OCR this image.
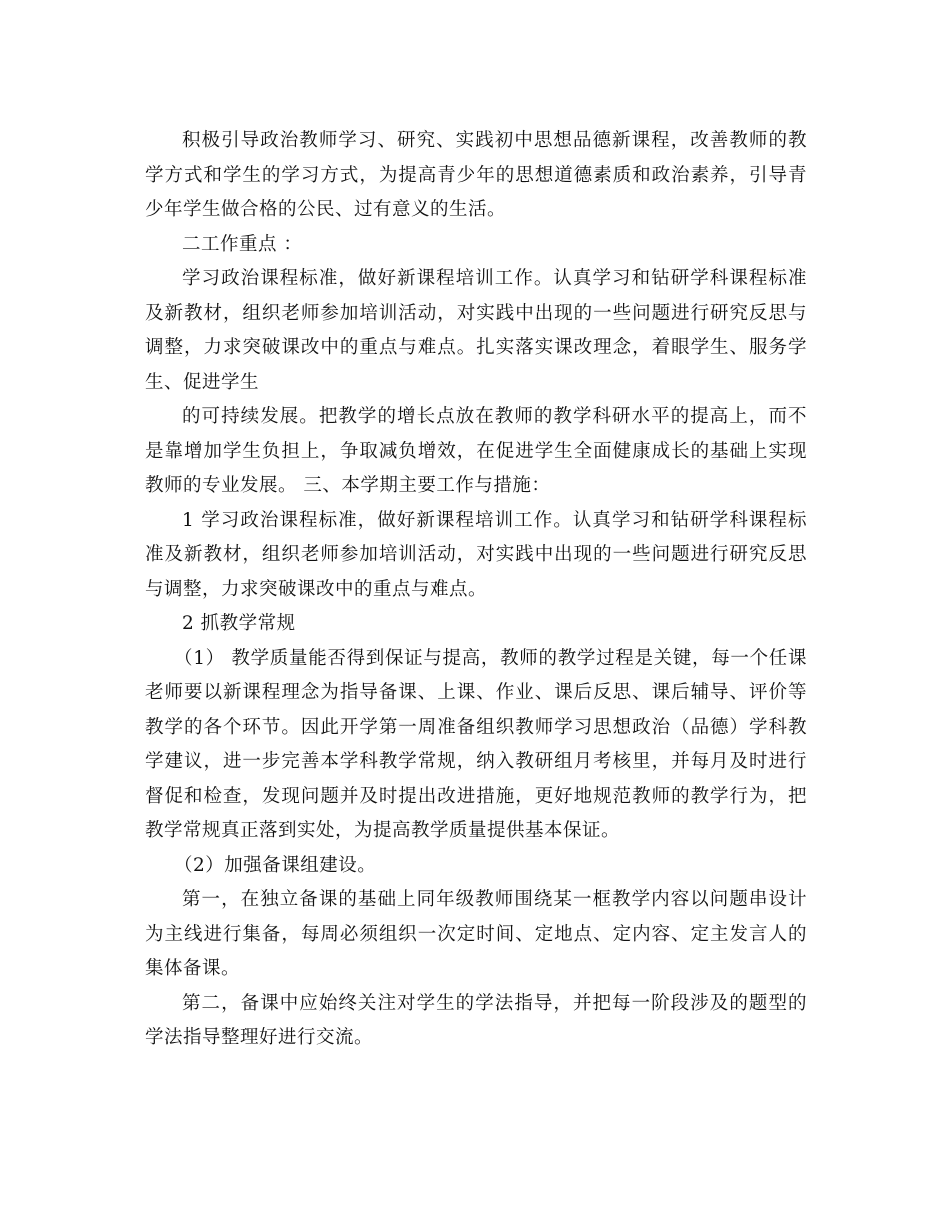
积极引导政治教师学习、研究、实践初中思想品德新课程，改善教师的教学方式和学生的学习方式，为提高青少年的思想道德素质和政治素养，引导青少年学生做合格的公民、过有意义的生活。

二工作重点 ：

学习政治课程标准，做好新课程培训工作。认真学习和钻研学科课程标准及新教材，组织老师参加培训活动，对实践中出现的一些问题进行研究反思与调整，力求突破课改中的重点与难点。扎实落实课改理念，着眼学生、服务学生、促进学生

的可持续发展。把教学的增长点放在教师的教学科研水平的提高上，而不是靠增加学生负担上，争取减负增效，在促进学生全面健康成长的基础上实现教师的专业发展。 三、本学期主要工作与措施：

1 学习政治课程标准，做好新课程培训工作。认真学习和钻研学科课程标准及新教材，组织老师参加培训活动，对实践中出现的一些问题进行研究反思与调整，力求突破课改中的重点与难点。

2 抓教学常规

（1） 教学质量能否得到保证与提高，教师的教学过程是关键，每一个任课老师要以新课程理念为指导备课、上课、作业、课后反思、课后辅导、评价等教学的各个环节。因此开学第一周准备组织教师学习思想政治（品德）学科教学建议，进一步完善本学科教学常规，纳入教研组月考核里，并每月及时进行督促和检查，发现问题并及时提出改进措施，更好地规范教师的教学行为，把教学常规真正落到实处，为提高教学质量提供基本保证。

（2）加强备课组建设。

第一，在独立备课的基础上同年级教师围绕某一框教学内容以问题串设计为主线进行集备，每周必须组织一次定时间、定地点、定内容、定主发言人的集体备课。

第二，备课中应始终关注对学生的学法指导，并把每一阶段涉及的题型的学法指导整理好进行交流。
